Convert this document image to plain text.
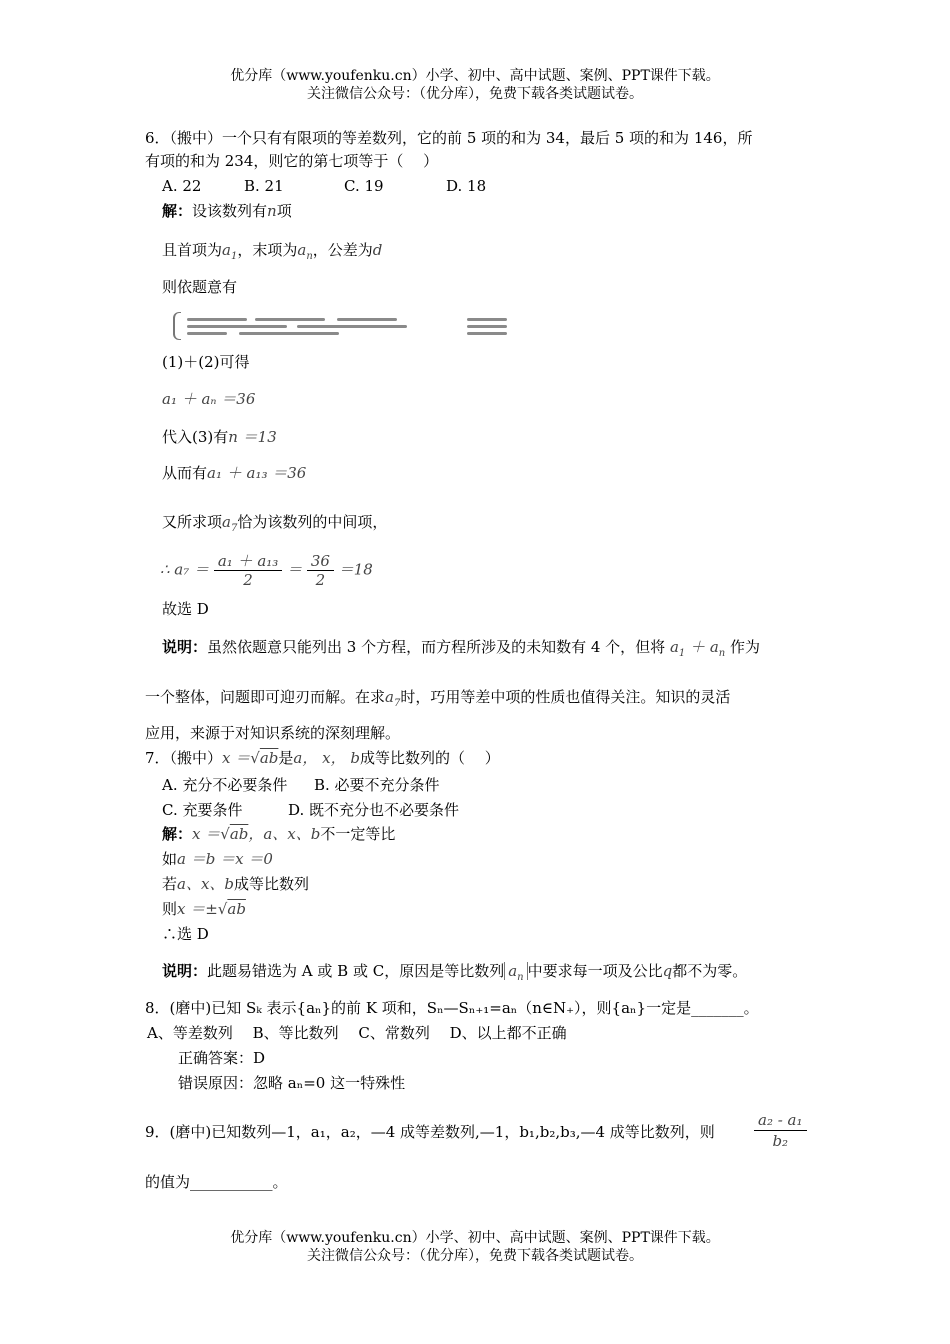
优分库（www.youfenku.cn）小学、初中、高中试题、案例、PPT课件下载。
关注微信公众号：（优分库），免费下载各类试题试卷。
6．（搬中）一个只有有限项的等差数列，它的前 5 项的和为 34，最后 5 项的和为 146，所
有项的和为 234，则它的第七项等于（　 ）
A. 22	B. 21	C. 19	D. 18
解：设该数列有n项
且首项为$a_1$，末项为$a_n$，公差为d
则依题意有
(1)＋(2)可得
a₁ ＋ aₙ ＝36
代入(3)有n ＝13
从而有a₁ ＋ a₁₃ ＝36
又所求项$a_7$恰为该数列的中间项，
∴ $a_7 = \frac{\text{a₁ ＋ a₁₃}}{2} = \frac{36}{2} =18$
故选 D
说明：虽然依题意只能列出 3 个方程，而方程所涉及的未知数有 4 个，但将 $a_1 + a_n$ 作为
一个整体，问题即可迎刃而解。在求$a_7$时，巧用等差中项的性质也值得关注。知识的灵活
应用，来源于对知识系统的深刻理解。
7．（搬中）x ＝√ab是a， x， b成等比数列的（　 ）
A. 充分不必要条件 B. 必要不充分条件
C. 充要条件	D. 既不充分也不必要条件
解：x ＝√ab，a、x、b不一定等比
如a ＝b ＝x ＝0
若a、x、b成等比数列
则x ＝±√ab
∴选 D
说明：此题易错选为 A 或 B 或 C，原因是等比数列 $a_n$ 中要求每一项及公比q都不为零。
8．(磨中)已知 Sₖ 表示{aₙ}的前 K 项和，Sₙ—Sₙ₊₁=aₙ（n∈N₊），则{aₙ}一定是_______。
A、等差数列　 B、等比数列　 C、常数列　 D、以上都不正确
正确答案：D
错误原因：忽略 aₙ=0 这一特殊性
9．(磨中)已知数列—1，a₁，a₂，—4 成等差数列,—1，b₁,b₂,b₃,—4 成等比数列，则	$\frac{\text{a₂ - a₁}}{\text{b₂}}$
的值为___________。
优分库（www.youfenku.cn）小学、初中、高中试题、案例、PPT课件下载。
关注微信公众号：（优分库），免费下载各类试题试卷。
